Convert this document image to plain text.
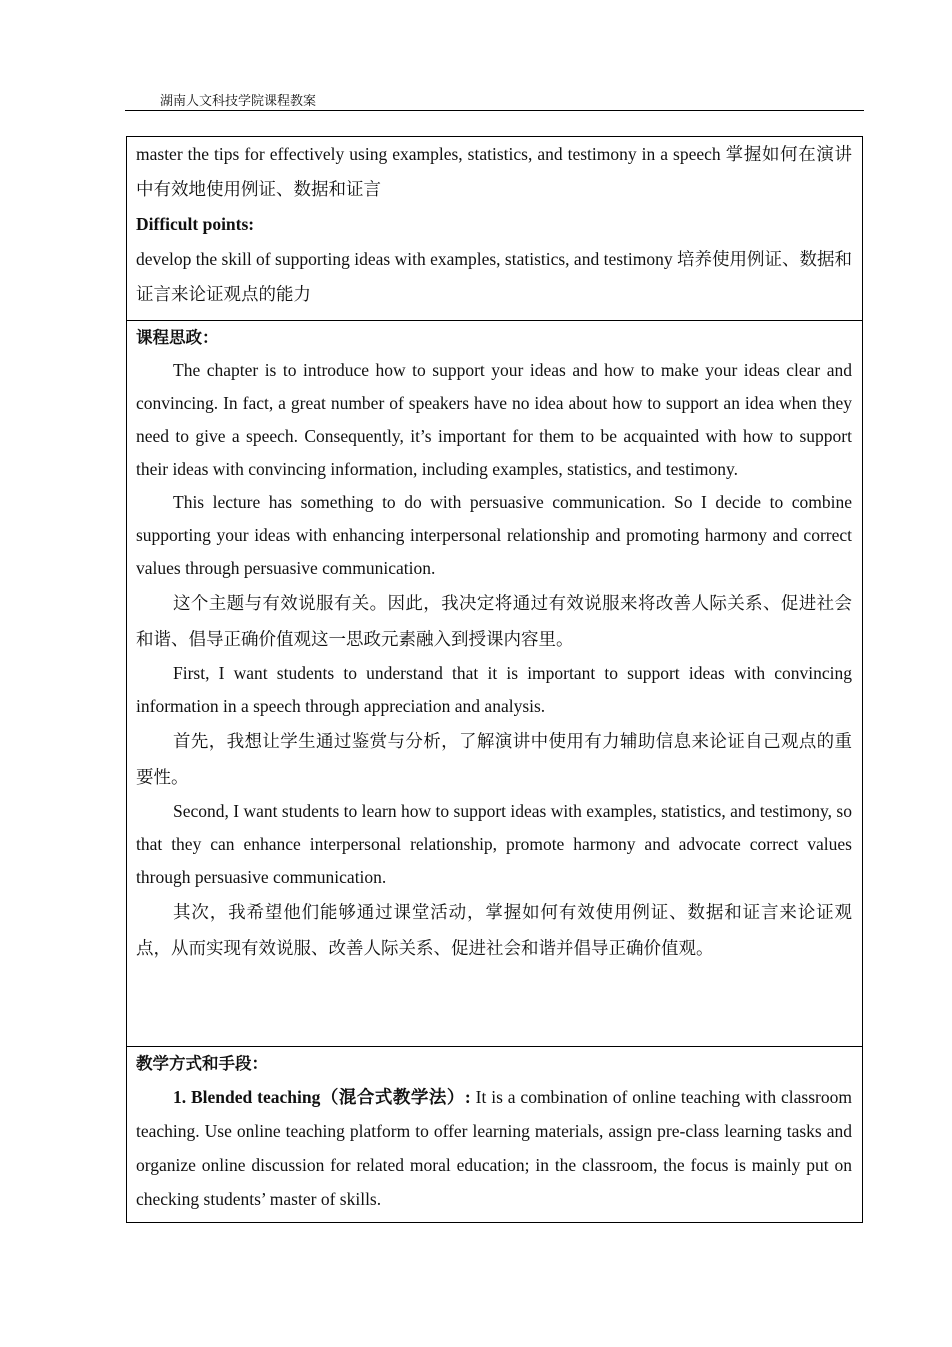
湖南人文科技学院课程教案

master the tips for effectively using examples, statistics, and testimony in a speech 掌握如何在演讲中有效地使用例证、数据和证言

Difficult points:

develop the skill of supporting ideas with examples, statistics, and testimony 培养使用例证、数据和证言来论证观点的能力

课程思政：

The chapter is to introduce how to support your ideas and how to make your ideas clear and convincing. In fact, a great number of speakers have no idea about how to support an idea when they need to give a speech. Consequently, it’s important for them to be acquainted with how to support their ideas with convincing information, including examples, statistics, and testimony.

This lecture has something to do with persuasive communication. So I decide to combine supporting your ideas with enhancing interpersonal relationship and promoting harmony and correct values through persuasive communication.

这个主题与有效说服有关。因此，我决定将通过有效说服来将改善人际关系、促进社会和谐、倡导正确价值观这一思政元素融入到授课内容里。

First, I want students to understand that it is important to support ideas with convincing information in a speech through appreciation and analysis.

首先，我想让学生通过鉴赏与分析，了解演讲中使用有力辅助信息来论证自己观点的重要性。

Second, I want students to learn how to support ideas with examples, statistics, and testimony, so that they can enhance interpersonal relationship, promote harmony and advocate correct values through persuasive communication.

其次，我希望他们能够通过课堂活动，掌握如何有效使用例证、数据和证言来论证观点，从而实现有效说服、改善人际关系、促进社会和谐并倡导正确价值观。

教学方式和手段：

1. Blended teaching（混合式教学法）: It is a combination of online teaching with classroom teaching. Use online teaching platform to offer learning materials, assign pre-class learning tasks and organize online discussion for related moral education; in the classroom, the focus is mainly put on checking students’ master of skills.
